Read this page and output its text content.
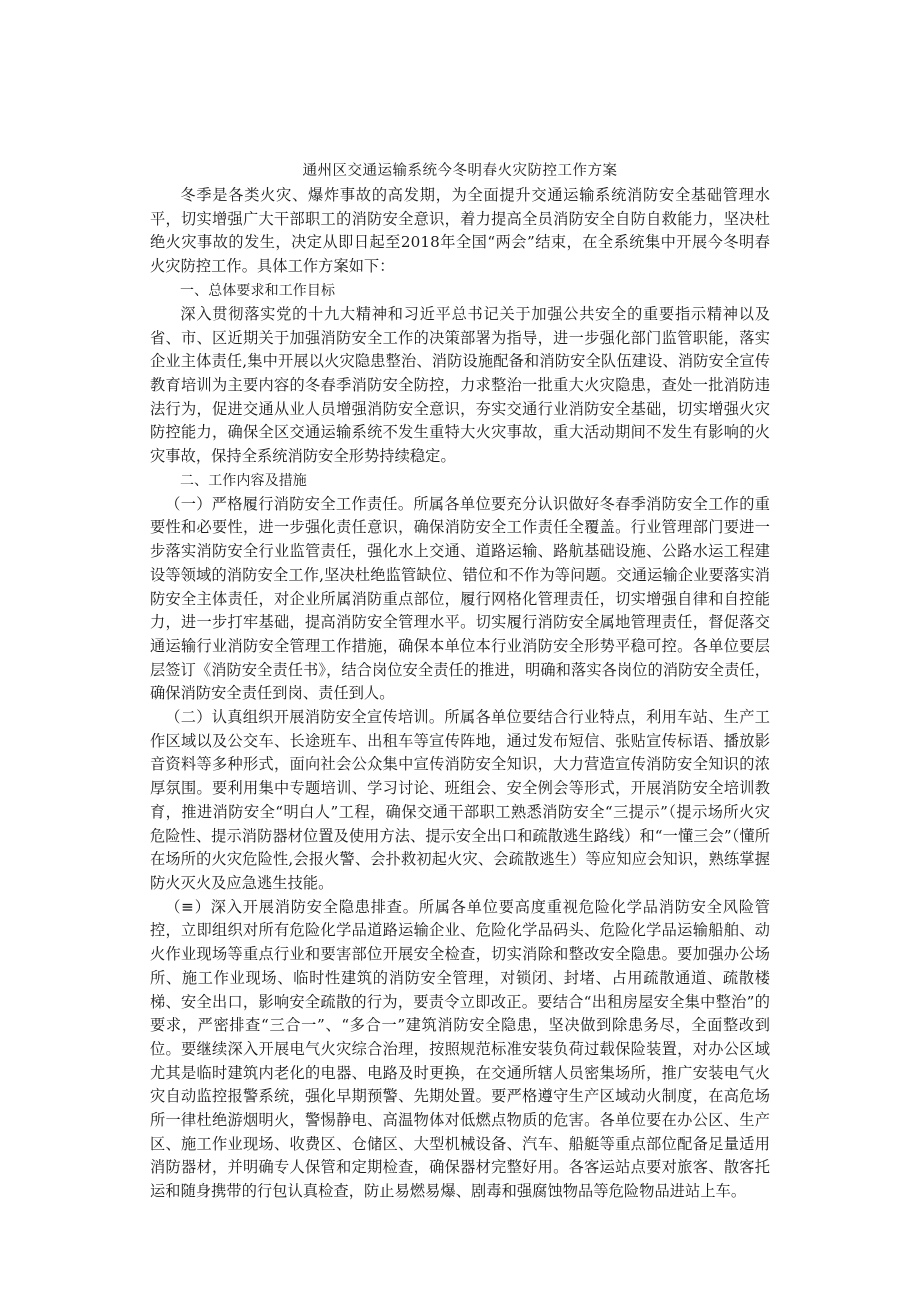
通州区交通运输系统今冬明春火灾防控工作方案

冬季是各类火灾、爆炸事故的高发期，为全面提升交通运输系统消防安全基础管理水平，切实增强广大干部职工的消防安全意识，着力提高全员消防安全自防自救能力，坚决杜绝火灾事故的发生，决定从即日起至2018年全国“两会”结束，在全系统集中开展今冬明春火灾防控工作。具体工作方案如下：

一、总体要求和工作目标

深入贯彻落实党的十九大精神和习近平总书记关于加强公共安全的重要指示精神以及省、市、区近期关于加强消防安全工作的决策部署为指导，进一步强化部门监管职能，落实企业主体责任,集中开展以火灾隐患整治、消防设施配备和消防安全队伍建设、消防安全宣传教育培训为主要内容的冬春季消防安全防控，力求整治一批重大火灾隐患，查处一批消防违法行为，促进交通从业人员增强消防安全意识，夯实交通行业消防安全基础，切实增强火灾防控能力，确保全区交通运输系统不发生重特大火灾事故，重大活动期间不发生有影响的火灾事故，保持全系统消防安全形势持续稳定。

二、工作内容及措施

（一）严格履行消防安全工作责任。所属各单位要充分认识做好冬春季消防安全工作的重要性和必要性，进一步强化责任意识，确保消防安全工作责任全覆盖。行业管理部门要进一步落实消防安全行业监管责任，强化水上交通、道路运输、路航基础设施、公路水运工程建设等领域的消防安全工作,坚决杜绝监管缺位、错位和不作为等问题。交通运输企业要落实消防安全主体责任，对企业所属消防重点部位，履行网格化管理责任，切实增强自律和自控能力，进一步打牢基础，提高消防安全管理水平。切实履行消防安全属地管理责任，督促落交通运输行业消防安全管理工作措施，确保本单位本行业消防安全形势平稳可控。各单位要层层签订《消防安全责任书》，结合岗位安全责任的推进，明确和落实各岗位的消防安全责任，确保消防安全责任到岗、责任到人。

（二）认真组织开展消防安全宣传培训。所属各单位要结合行业特点，利用车站、生产工作区域以及公交车、长途班车、出租车等宣传阵地，通过发布短信、张贴宣传标语、播放影音资料等多种形式，面向社会公众集中宣传消防安全知识，大力营造宣传消防安全知识的浓厚氛围。要利用集中专题培训、学习讨论、班组会、安全例会等形式，开展消防安全培训教育，推进消防安全“明白人”工程，确保交通干部职工熟悉消防安全“三提示”（提示场所火灾危险性、提示消防器材位置及使用方法、提示安全出口和疏散逃生路线）和“一懂三会”（懂所在场所的火灾危险性,会报火警、会扑救初起火灾、会疏散逃生）等应知应会知识，熟练掌握防火灭火及应急逃生技能。

（≡）深入开展消防安全隐患排查。所属各单位要高度重视危险化学品消防安全风险管控，立即组织对所有危险化学品道路运输企业、危险化学品码头、危险化学品运输船舶、动火作业现场等重点行业和要害部位开展安全检查，切实消除和整改安全隐患。要加强办公场所、施工作业现场、临时性建筑的消防安全管理，对锁闭、封堵、占用疏散通道、疏散楼梯、安全出口，影响安全疏散的行为，要责令立即改正。要结合“出租房屋安全集中整治”的要求，严密排查“三合一”、“多合一”建筑消防安全隐患，坚决做到除患务尽，全面整改到位。要继续深入开展电气火灾综合治理，按照规范标准安装负荷过载保险装置，对办公区域尤其是临时建筑内老化的电器、电路及时更换，在交通所辖人员密集场所，推广安装电气火灾自动监控报警系统，强化早期预警、先期处置。要严格遵守生产区域动火制度，在高危场所一律杜绝游烟明火，警惕静电、高温物体对低燃点物质的危害。各单位要在办公区、生产区、施工作业现场、收费区、仓储区、大型机械设备、汽车、船艇等重点部位配备足量适用消防器材，并明确专人保管和定期检查，确保器材完整好用。各客运站点要对旅客、散客托运和随身携带的行包认真检查，防止易燃易爆、剧毒和强腐蚀物品等危险物品进站上车。
